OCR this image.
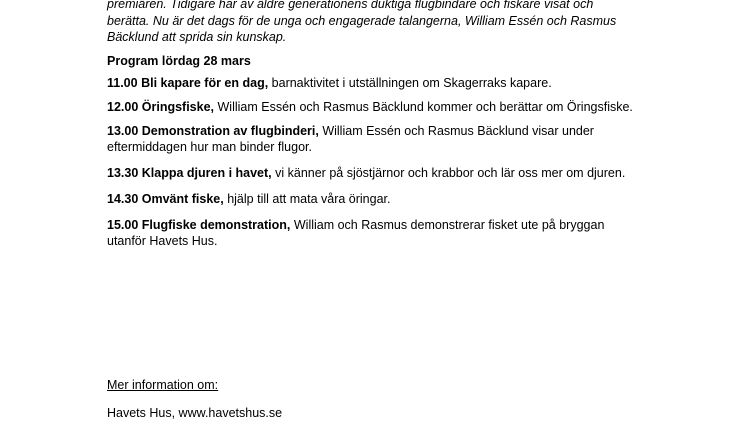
premiären. Tidigare har av äldre generationens duktiga flugbindare och fiskare visat och
berätta. Nu är det dags för de unga och engagerade talangerna, William Essén och Rasmus
Bäcklund att sprida sin kunskap.

Program lördag 28 mars

11.00 Bli kapare för en dag, barnaktivitet i utställningen om Skagerraks kapare.

12.00 Öringsfiske, William Essén och Rasmus Bäcklund kommer och berättar om Öringsfiske.

13.00 Demonstration av flugbinderi, William Essén och Rasmus Bäcklund visar under eftermiddagen hur man binder flugor.

13.30 Klappa djuren i havet, vi känner på sjöstjärnor och krabbor och lär oss mer om djuren.

14.30 Omvänt fiske, hjälp till att mata våra öringar.

15.00 Flugfiske demonstration, William och Rasmus demonstrerar fisket ute på bryggan utanför Havets Hus.

Mer information om:
Havets Hus, www.havetshus.se
